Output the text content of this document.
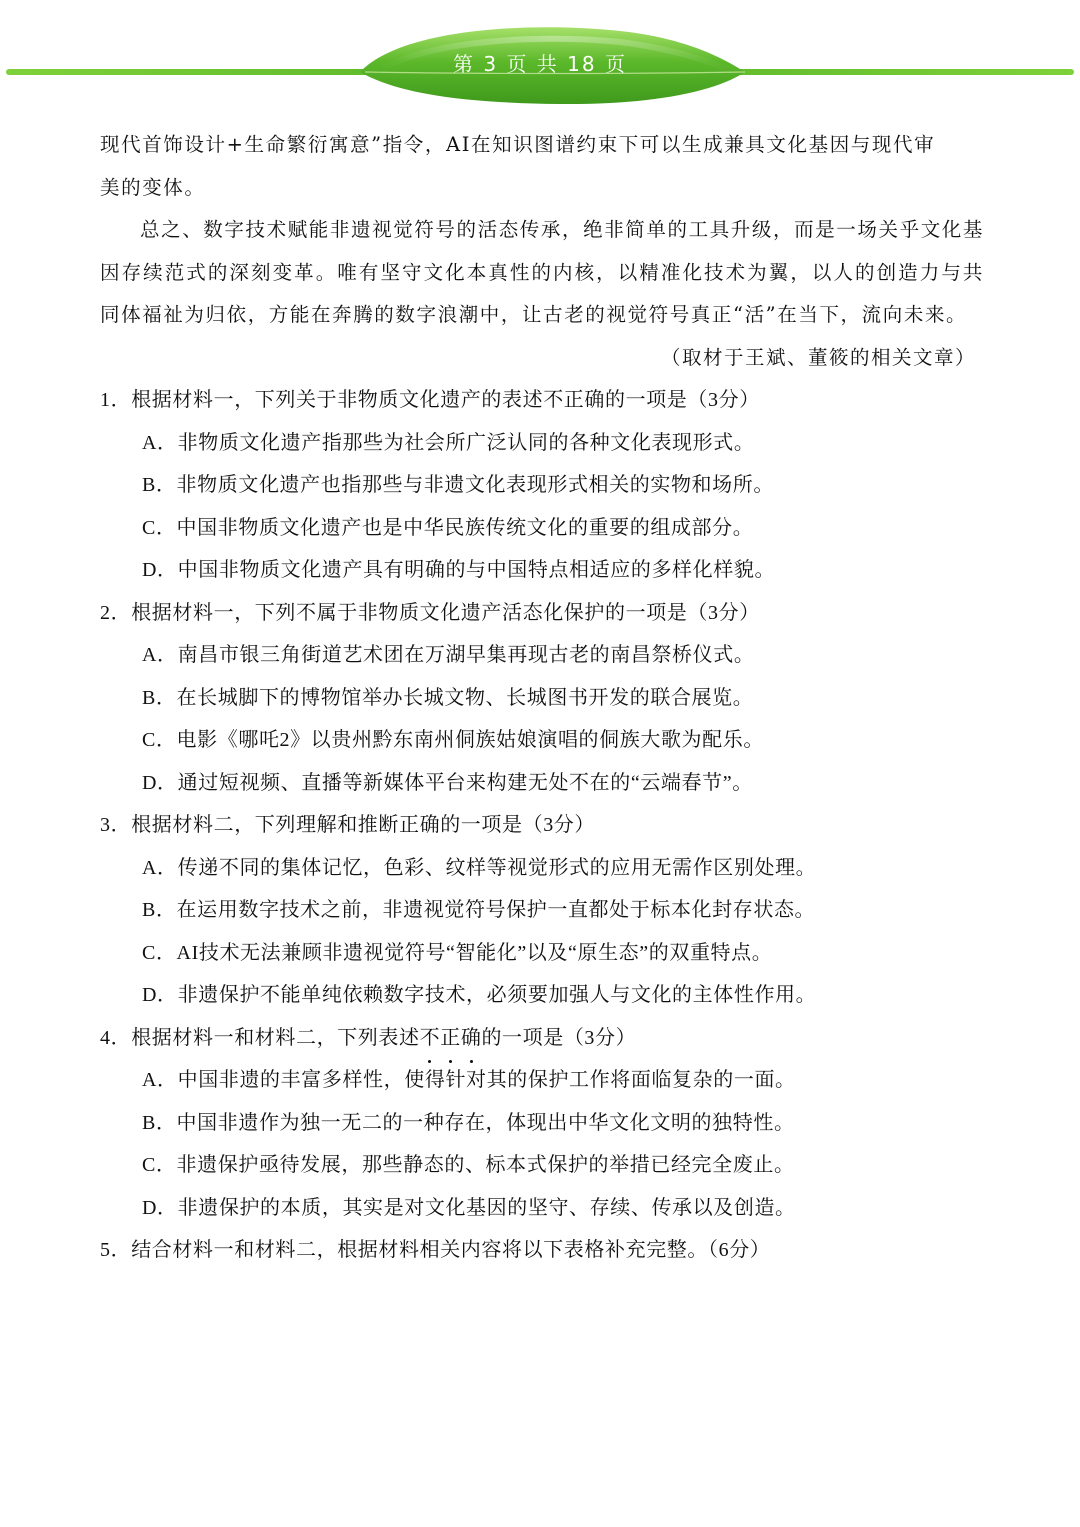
第 3 页 共 18 页

现代首饰设计+生命繁衍寓意”指令，AI在知识图谱约束下可以生成兼具文化基因与现代审
美的变体。

总之、数字技术赋能非遗视觉符号的活态传承，绝非简单的工具升级，而是一场关乎文化基因存续范式的深刻变革。唯有坚守文化本真性的内核，以精准化技术为翼，以人的创造力与共同体福祉为归依，方能在奔腾的数字浪潮中，让古老的视觉符号真正“活”在当下，流向未来。

（取材于王斌、董筱的相关文章）

1．根据材料一，下列关于非物质文化遗产的表述不正确的一项是（3分）

A．非物质文化遗产指那些为社会所广泛认同的各种文化表现形式。

B．非物质文化遗产也指那些与非遗文化表现形式相关的实物和场所。

C．中国非物质文化遗产也是中华民族传统文化的重要的组成部分。

D．中国非物质文化遗产具有明确的与中国特点相适应的多样化样貌。

2．根据材料一，下列不属于非物质文化遗产活态化保护的一项是（3分）

A．南昌市银三角街道艺术团在万湖早集再现古老的南昌祭桥仪式。

B．在长城脚下的博物馆举办长城文物、长城图书开发的联合展览。

C．电影《哪吒2》以贵州黔东南州侗族姑娘演唱的侗族大歌为配乐。

D．通过短视频、直播等新媒体平台来构建无处不在的“云端春节”。

3．根据材料二，下列理解和推断正确的一项是（3分）

A．传递不同的集体记忆，色彩、纹样等视觉形式的应用无需作区别处理。

B．在运用数字技术之前，非遗视觉符号保护一直都处于标本化封存状态。

C．AI技术无法兼顾非遗视觉符号“智能化”以及“原生态”的双重特点。

D．非遗保护不能单纯依赖数字技术，必须要加强人与文化的主体性作用。

4．根据材料一和材料二，下列表述不正确的一项是（3分）

A．中国非遗的丰富多样性，使得针对其的保护工作将面临复杂的一面。

B．中国非遗作为独一无二的一种存在，体现出中华文化文明的独特性。

C．非遗保护亟待发展，那些静态的、标本式保护的举措已经完全废止。

D．非遗保护的本质，其实是对文化基因的坚守、存续、传承以及创造。

5．结合材料一和材料二，根据材料相关内容将以下表格补充完整。（6分）
